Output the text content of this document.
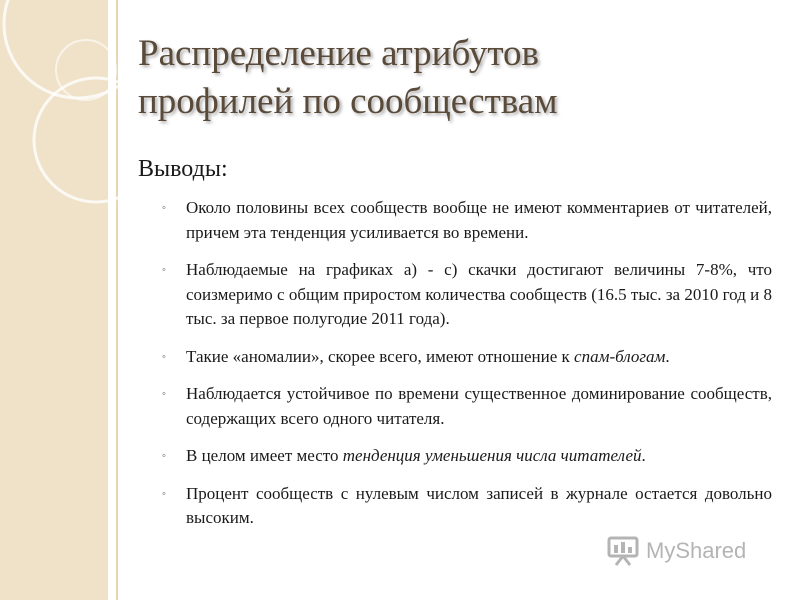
Распределение атрибутов
профилей по сообществам
Выводы:
◦ Около половины всех сообществ вообще не имеют комментариев от читателей, причем эта тенденция усиливается во времени.
◦ Наблюдаемые на графиках a) - c) скачки достигают величины 7-8%, что соизмеримо с общим приростом количества сообществ (16.5 тыс. за 2010 год и 8 тыс. за первое полугодие 2011 года).
◦ Такие «аномалии», скорее всего, имеют отношение к спам-блогам.
◦ Наблюдается устойчивое по времени существенное доминирование сообществ, содержащих всего одного читателя.
◦ В целом имеет место тенденция уменьшения числа читателей.
◦ Процент сообществ с нулевым числом записей в журнале остается довольно высоким.
MyShared
